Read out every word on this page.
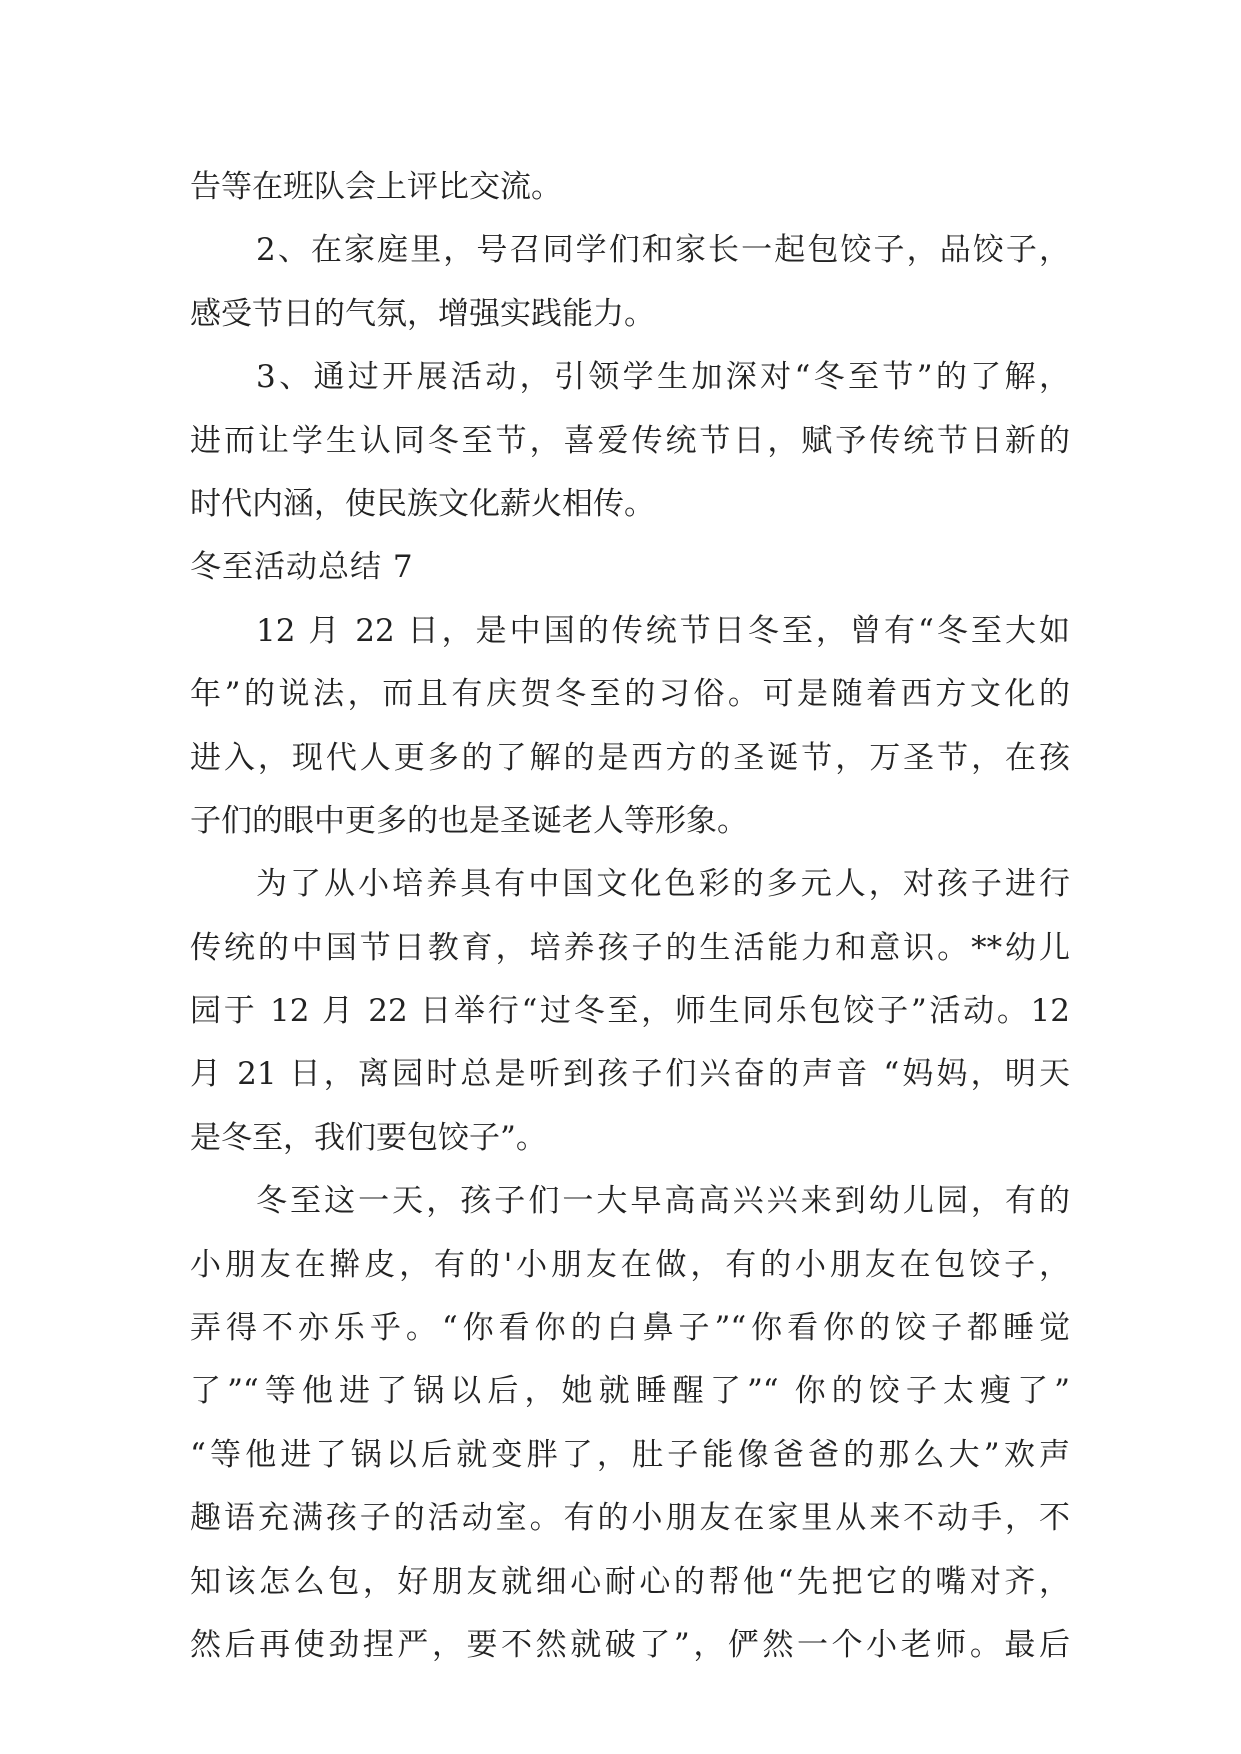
告等在班队会上评比交流。
2、在家庭里，号召同学们和家长一起包饺子，品饺子，
感受节日的气氛，增强实践能力。
3、通过开展活动，引领学生加深对“冬至节”的了解，
进而让学生认同冬至节，喜爱传统节日，赋予传统节日新的
时代内涵，使民族文化薪火相传。
冬至活动总结 7
12 月 22 日，是中国的传统节日冬至，曾有“冬至大如
年”的说法，而且有庆贺冬至的习俗。可是随着西方文化的
进入，现代人更多的了解的是西方的圣诞节，万圣节，在孩
子们的眼中更多的也是圣诞老人等形象。
为了从小培养具有中国文化色彩的多元人，对孩子进行
传统的中国节日教育，培养孩子的生活能力和意识。**幼儿
园于 12 月 22 日举行“过冬至，师生同乐包饺子”活动。12
月 21 日，离园时总是听到孩子们兴奋的声音 “妈妈，明天
是冬至，我们要包饺子”。
冬至这一天，孩子们一大早高高兴兴来到幼儿园，有的
小朋友在擀皮，有的'小朋友在做，有的小朋友在包饺子，
弄得不亦乐乎。“你看你的白鼻子”“你看你的饺子都睡觉
了”“等他进了锅以后，她就睡醒了”“ 你的饺子太瘦了”
“等他进了锅以后就变胖了，肚子能像爸爸的那么大”欢声
趣语充满孩子的活动室。有的小朋友在家里从来不动手，不
知该怎么包，好朋友就细心耐心的帮他“先把它的嘴对齐，
然后再使劲捏严，要不然就破了”，俨然一个小老师。最后
